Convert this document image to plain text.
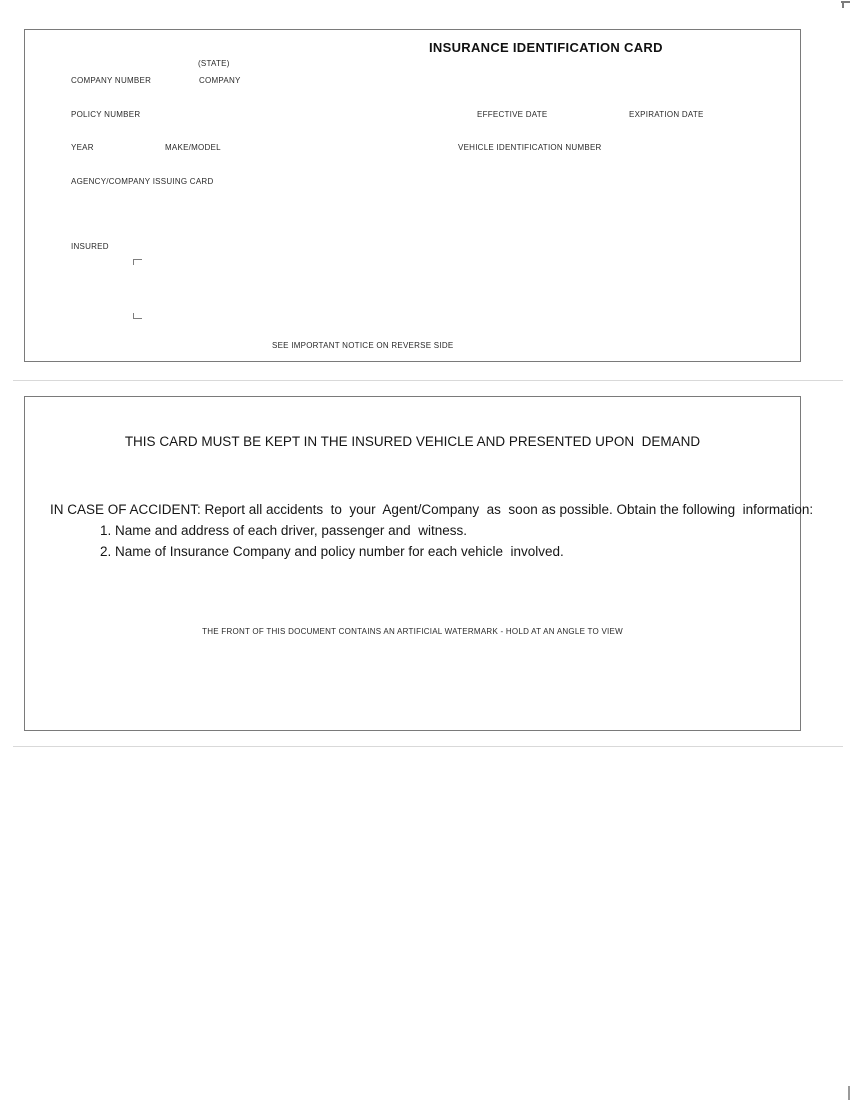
INSURANCE IDENTIFICATION CARD
(STATE)
COMPANY NUMBER	COMPANY
POLICY NUMBER	EFFECTIVE DATE	EXPIRATION DATE
YEAR	MAKE/MODEL	VEHICLE IDENTIFICATION NUMBER
AGENCY/COMPANY ISSUING CARD
INSURED
SEE IMPORTANT NOTICE ON REVERSE SIDE
THIS CARD MUST BE KEPT IN THE INSURED VEHICLE AND PRESENTED UPON  DEMAND
IN CASE OF ACCIDENT: Report all accidents  to  your  Agent/Company  as  soon as possible. Obtain the following  information:
1. Name and address of each driver, passenger and  witness.
2. Name of Insurance Company and policy number for each vehicle  involved.
THE FRONT OF THIS DOCUMENT CONTAINS AN ARTIFICIAL WATERMARK - HOLD AT AN ANGLE TO VIEW
